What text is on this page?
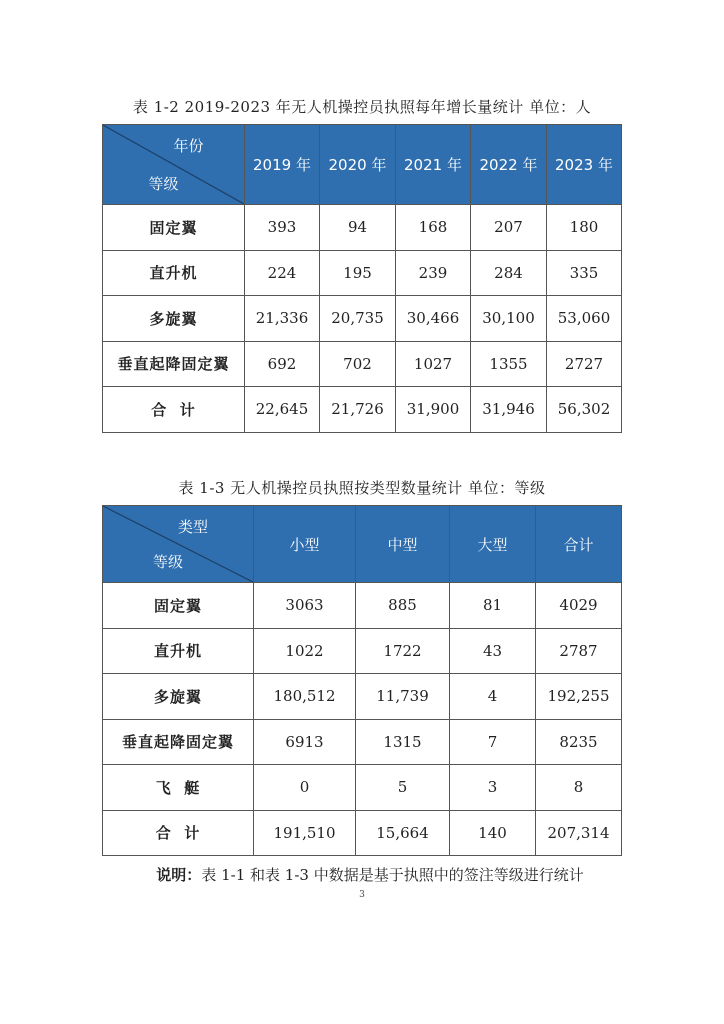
表 1-2 2019-2023 年无人机操控员执照每年增长量统计 单位：人
年份
等级	2019 年	2020 年	2021 年	2022 年	2023 年
固定翼	393	94	168	207	180
直升机	224	195	239	284	335
多旋翼	21,336	20,735	30,466	30,100	53,060
垂直起降固定翼	692	702	1027	1355	2727
合  计	22,645	21,726	31,900	31,946	56,302
表 1-3 无人机操控员执照按类型数量统计 单位：等级
类型
等级	小型	中型	大型	合计
固定翼	3063	885	81	4029
直升机	1022	1722	43	2787
多旋翼	180,512	11,739	4	192,255
垂直起降固定翼	6913	1315	7	8235
飞  艇	0	5	3	8
合  计	191,510	15,664	140	207,314
说明：表 1-1 和表 1-3 中数据是基于执照中的签注等级进行统计
3
